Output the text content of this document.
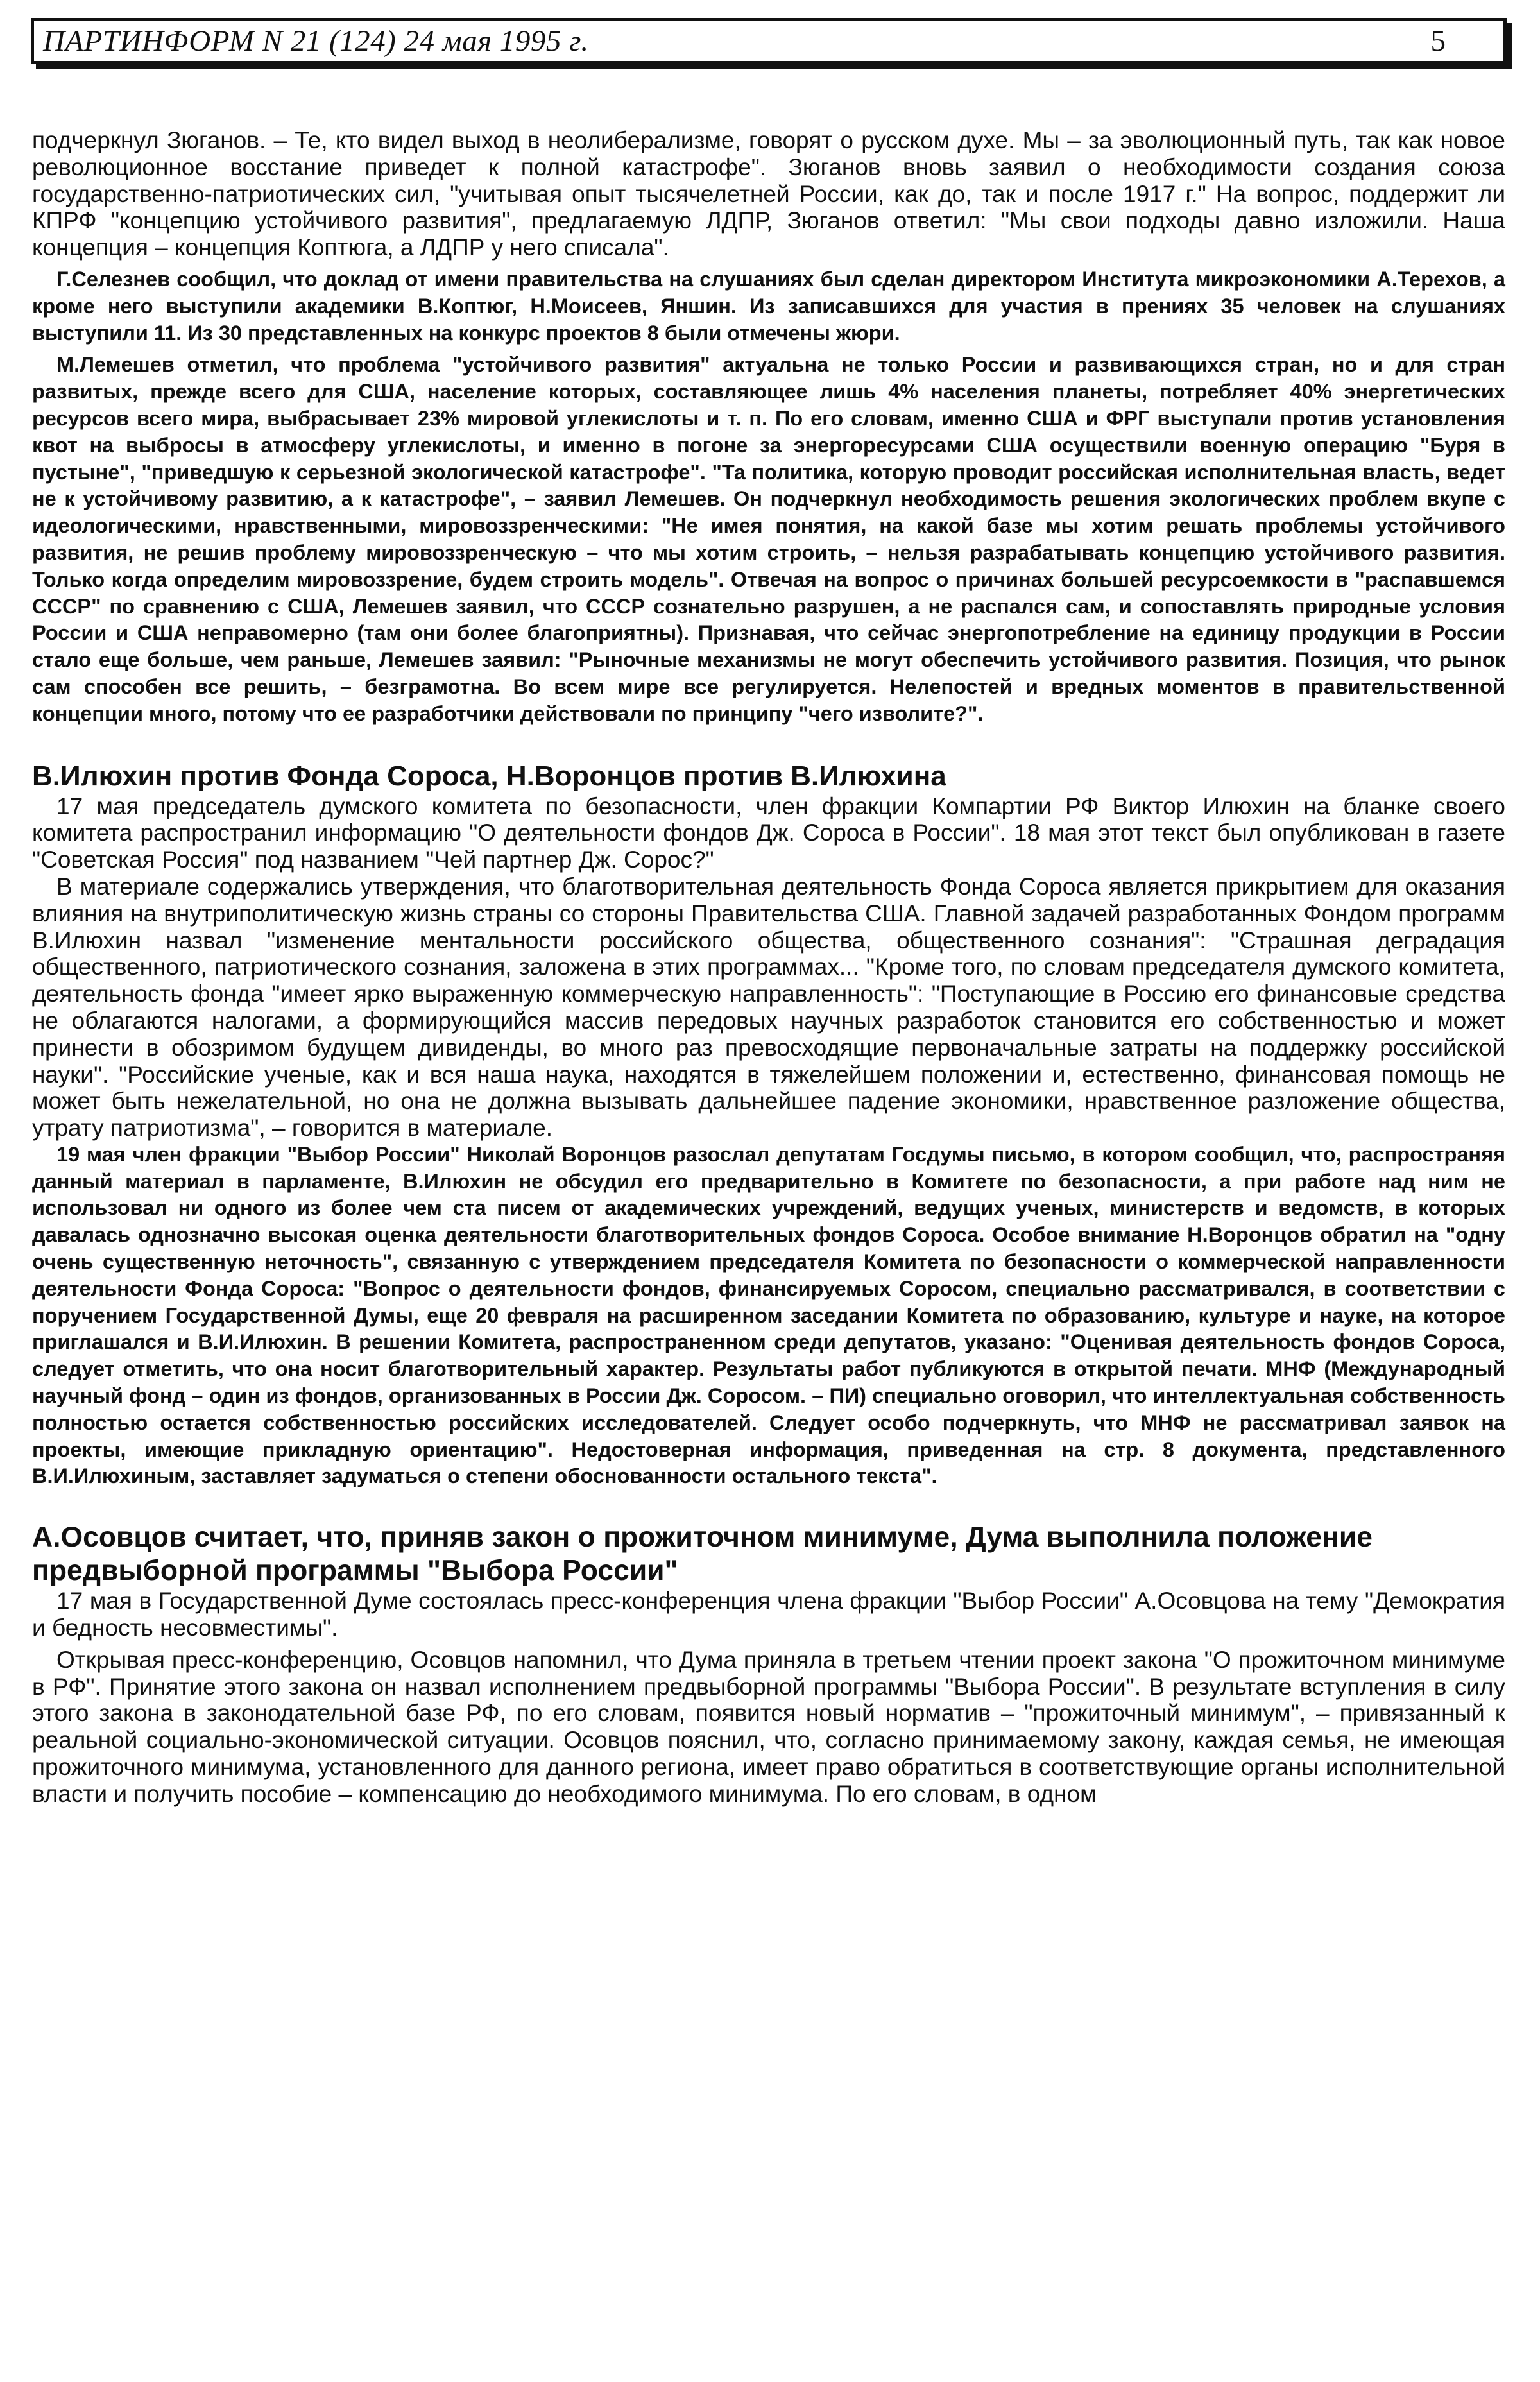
ПАРТИНФОРМ N 21 (124) 24 мая 1995 г.	5

подчеркнул Зюганов. – Те, кто видел выход в неолиберализме, говорят о русском духе. Мы – за эволюционный путь, так как новое революционное восстание приведет к полной катастрофе". Зюганов вновь заявил о необходимости создания союза государственно-патриотических сил, "учитывая опыт тысячелетней России, как до, так и после 1917 г." На вопрос, поддержит ли КПРФ "концепцию устойчивого развития", предлагаемую ЛДПР, Зюганов ответил: "Мы свои подходы давно изложили. Наша концепция – концепция Коптюга, а ЛДПР у него списала".

Г.Селезнев сообщил, что доклад от имени правительства на слушаниях был сделан директором Института микроэкономики А.Терехов, а кроме него выступили академики В.Коптюг, Н.Моисеев, Яншин. Из записавшихся для участия в прениях 35 человек на слушаниях выступили 11. Из 30 представленных на конкурс проектов 8 были отмечены жюри.

М.Лемешев отметил, что проблема "устойчивого развития" актуальна не только России и развивающихся стран, но и для стран развитых, прежде всего для США, население которых, составляющее лишь 4% населения планеты, потребляет 40% энергетических ресурсов всего мира, выбрасывает 23% мировой углекислоты и т. п. По его словам, именно США и ФРГ выступали против установления квот на выбросы в атмосферу углекислоты, и именно в погоне за энергоресурсами США осуществили военную операцию "Буря в пустыне", "приведшую к серьезной экологической катастрофе". "Та политика, которую проводит российская исполнительная власть, ведет не к устойчивому развитию, а к катастрофе", – заявил Лемешев. Он подчеркнул необходимость решения экологических проблем вкупе с идеологическими, нравственными, мировоззренческими: "Не имея понятия, на какой базе мы хотим решать проблемы устойчивого развития, не решив проблему мировоззренческую – что мы хотим строить, – нельзя разрабатывать концепцию устойчивого развития. Только когда определим мировоззрение, будем строить модель". Отвечая на вопрос о причинах большей ресурсоемкости в "распавшемся СССР" по сравнению с США, Лемешев заявил, что СССР сознательно разрушен, а не распался сам, и сопоставлять природные условия России и США неправомерно (там они более благоприятны). Признавая, что сейчас энергопотребление на единицу продукции в России стало еще больше, чем раньше, Лемешев заявил: "Рыночные механизмы не могут обеспечить устойчивого развития. Позиция, что рынок сам способен все решить, – безграмотна. Во всем мире все регулируется. Нелепостей и вредных моментов в правительственной концепции много, потому что ее разработчики действовали по принципу "чего изволите?".

В.Илюхин против Фонда Сороса, Н.Воронцов против В.Илюхина

17 мая председатель думского комитета по безопасности, член фракции Компартии РФ Виктор Илюхин на бланке своего комитета распространил информацию "О деятельности фондов Дж. Сороса в России". 18 мая этот текст был опубликован в газете "Советская Россия" под названием "Чей партнер Дж. Сорос?"

В материале содержались утверждения, что благотворительная деятельность Фонда Сороса является прикрытием для оказания влияния на внутриполитическую жизнь страны со стороны Правительства США. Главной задачей разработанных Фондом программ В.Илюхин назвал "изменение ментальности российского общества, общественного сознания": "Страшная деградация общественного, патриотического сознания, заложена в этих программах... "Кроме того, по словам председателя думского комитета, деятельность фонда "имеет ярко выраженную коммерческую направленность": "Поступающие в Россию его финансовые средства не облагаются налогами, а формирующийся массив передовых научных разработок становится его собственностью и может принести в обозримом будущем дивиденды, во много раз превосходящие первоначальные затраты на поддержку российской науки". "Российские ученые, как и вся наша наука, находятся в тяжелейшем положении и, естественно, финансовая помощь не может быть нежелательной, но она не должна вызывать дальнейшее падение экономики, нравственное разложение общества, утрату патриотизма", – говорится в материале.

19 мая член фракции "Выбор России" Николай Воронцов разослал депутатам Госдумы письмо, в котором сообщил, что, распространяя данный материал в парламенте, В.Илюхин не обсудил его предварительно в Комитете по безопасности, а при работе над ним не использовал ни одного из более чем ста писем от академических учреждений, ведущих ученых, министерств и ведомств, в которых давалась однозначно высокая оценка деятельности благотворительных фондов Сороса. Особое внимание Н.Воронцов обратил на "одну очень существенную неточность", связанную с утверждением председателя Комитета по безопасности о коммерческой направленности деятельности Фонда Сороса: "Вопрос о деятельности фондов, финансируемых Соросом, специально рассматривался, в соответствии с поручением Государственной Думы, еще 20 февраля на расширенном заседании Комитета по образованию, культуре и науке, на которое приглашался и В.И.Илюхин. В решении Комитета, распространенном среди депутатов, указано: "Оценивая деятельность фондов Сороса, следует отметить, что она носит благотворительный характер. Результаты работ публикуются в открытой печати. МНФ (Международный научный фонд – один из фондов, организованных в России Дж. Соросом. – ПИ) специально оговорил, что интеллектуальная собственность полностью остается собственностью российских исследователей. Следует особо подчеркнуть, что МНФ не рассматривал заявок на проекты, имеющие прикладную ориентацию". Недостоверная информация, приведенная на стр. 8 документа, представленного В.И.Илюхиным, заставляет задуматься о степени обоснованности остального текста".

А.Осовцов считает, что, приняв закон о прожиточном минимуме, Дума выполнила положение предвыборной программы "Выбора России"

17 мая в Государственной Думе состоялась пресс-конференция члена фракции "Выбор России" А.Осовцова на тему "Демократия и бедность несовместимы".

Открывая пресс-конференцию, Осовцов напомнил, что Дума приняла в третьем чтении проект закона "О прожиточном минимуме в РФ". Принятие этого закона он назвал исполнением предвыборной программы "Выбора России". В результате вступления в силу этого закона в законодательной базе РФ, по его словам, появится новый норматив – "прожиточный минимум", – привязанный к реальной социально-экономической ситуации. Осовцов пояснил, что, согласно принимаемому закону, каждая семья, не имеющая прожиточного минимума, установленного для данного региона, имеет право обратиться в соответствующие органы исполнительной власти и получить пособие – компенсацию до необходимого минимума. По его словам, в одном
